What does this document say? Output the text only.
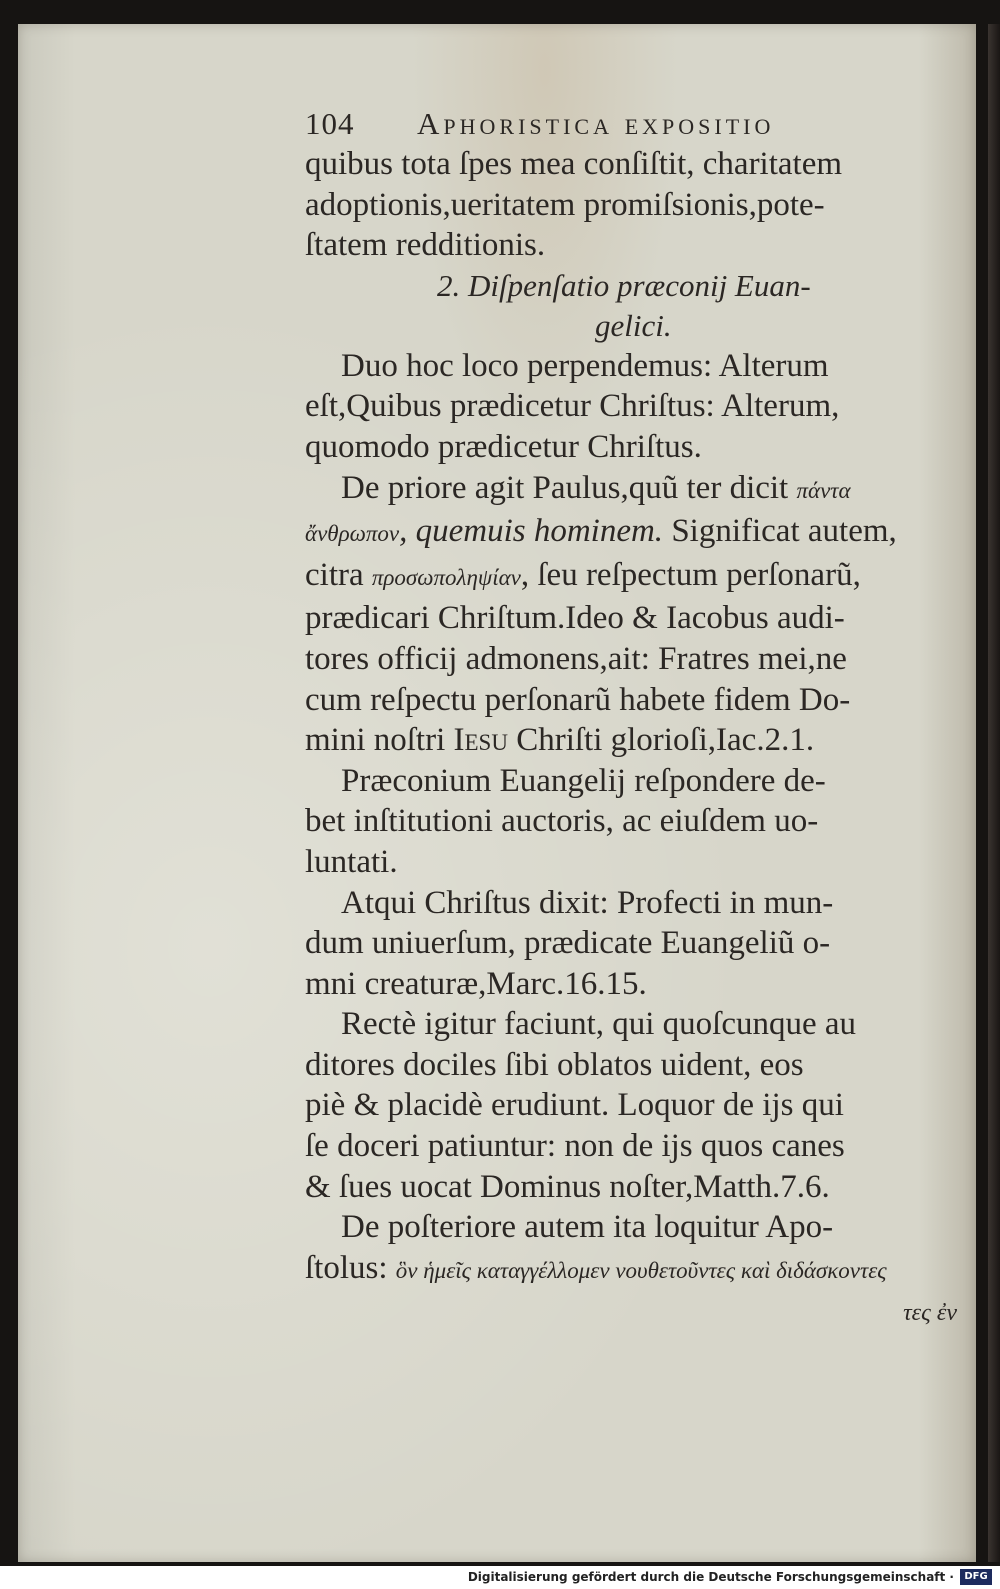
104	Aphoristica expositio
quibus tota ſpes mea conſiſtit, charitatem
adoptionis,ueritatem promiſsionis,pote-
ſtatem redditionis.
2. Diſpenſatio præconij Euan-
gelici.
Duo hoc loco perpendemus: Alterum
eſt,Quibus prædicetur Chriſtus: Alterum,
quomodo prædicetur Chriſtus.
De priore agit Paulus,quũ ter dicit πάντα
ἄνθρωπον, quemuis hominem. Significat autem,
citra προσωποληψίαν, ſeu reſpectum perſonarũ,
prædicari Chriſtum.Ideo & Iacobus audi-
tores officij admonens,ait: Fratres mei,ne
cum reſpectu perſonarũ habete fidem Do-
mini noſtri Iesu Chriſti glorioſi,Iac.2.1.
Præconium Euangelij reſpondere de-
bet inſtitutioni auctoris, ac eiuſdem uo-
luntati.
Atqui Chriſtus dixit: Profecti in mun-
dum uniuerſum, prædicate Euangeliũ o-
mni creaturæ,Marc.16.15.
Rectè igitur faciunt, qui quoſcunque au
ditores dociles ſibi oblatos uident, eos
piè & placidè erudiunt. Loquor de ijs qui
ſe doceri patiuntur: non de ijs quos canes
& ſues uocat Dominus noſter,Matth.7.6.
De poſteriore autem ita loquitur Apo-
ſtolus: ὃν ἡμεῖς καταγγέλλομεν νουθετοῦντες καὶ διδάσκοντες
τες ἐν
Digitalisierung gefördert durch die Deutsche Forschungsgemeinschaft ·	DFG
